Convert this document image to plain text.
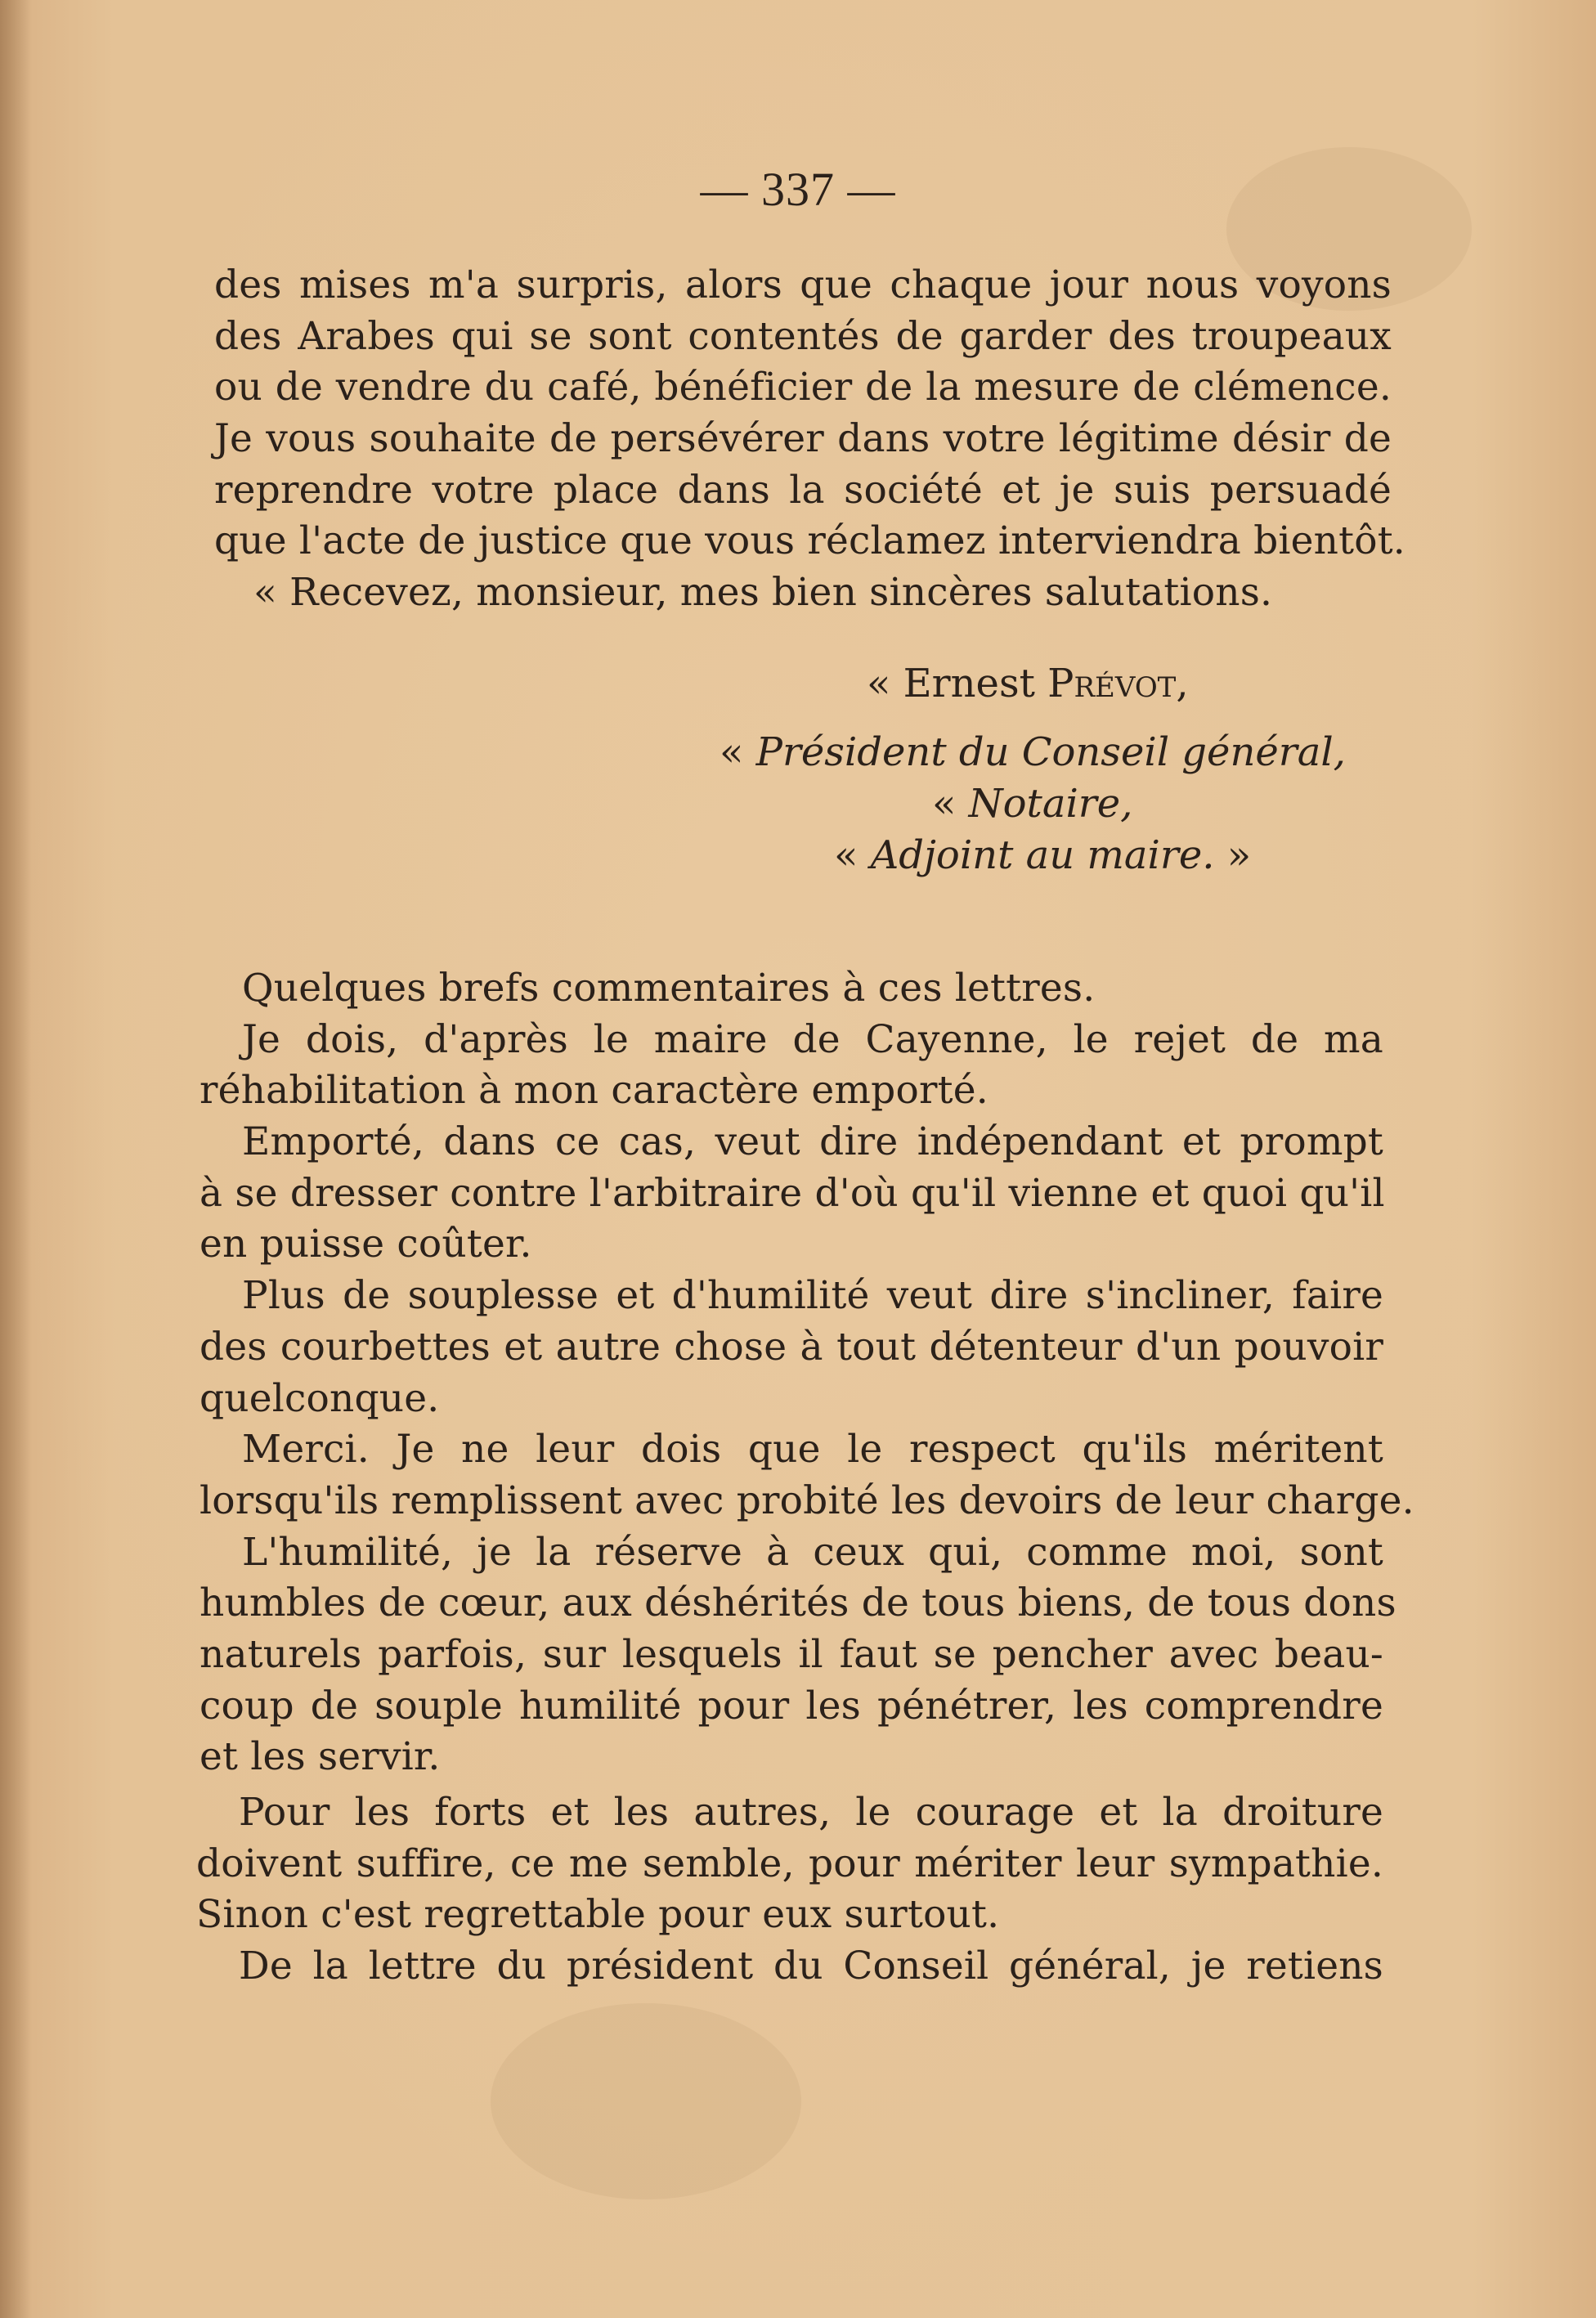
— 337 —
des mises m'a surpris, alors que chaque jour nous voyons
des Arabes qui se sont contentés de garder des troupeaux
ou de vendre du café, bénéficier de la mesure de clémence.
Je vous souhaite de persévérer dans votre légitime désir de
reprendre votre place dans la société et je suis persuadé
que l'acte de justice que vous réclamez interviendra bientôt.
« Recevez, monsieur, mes bien sincères salutations.
« Ernest Prévot,
« Président du Conseil général,
« Notaire,
« Adjoint au maire. »
Quelques brefs commentaires à ces lettres.
Je dois, d'après le maire de Cayenne, le rejet de ma
réhabilitation à mon caractère emporté.
Emporté, dans ce cas, veut dire indépendant et prompt
à se dresser contre l'arbitraire d'où qu'il vienne et quoi qu'il
en puisse coûter.
Plus de souplesse et d'humilité veut dire s'incliner, faire
des courbettes et autre chose à tout détenteur d'un pouvoir
quelconque.
Merci. Je ne leur dois que le respect qu'ils méritent
lorsqu'ils remplissent avec probité les devoirs de leur charge.
L'humilité, je la réserve à ceux qui, comme moi, sont
humbles de cœur, aux déshérités de tous biens, de tous dons
naturels parfois, sur lesquels il faut se pencher avec beau-
coup de souple humilité pour les pénétrer, les comprendre
et les servir.
Pour les forts et les autres, le courage et la droiture
doivent suffire, ce me semble, pour mériter leur sympathie.
Sinon c'est regrettable pour eux surtout.
De la lettre du président du Conseil général, je retiens
